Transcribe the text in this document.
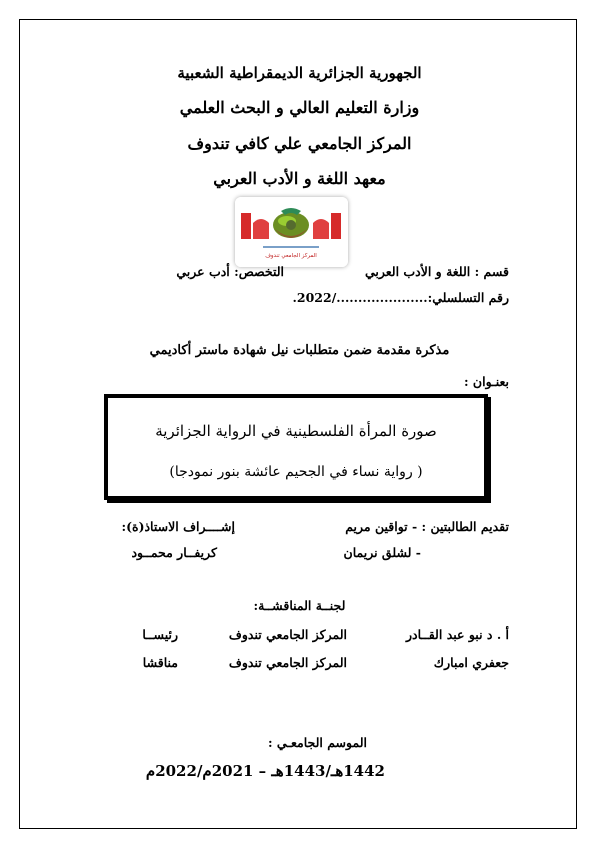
الجهورية الجزائرية الديمقراطية الشعبية
وزارة التعليم العالي و البحث العلمي
المركز الجامعي علي كافي تندوف
معهد اللغة و الأدب العربي
المركز الجامعي تندوف
قسم : اللغة و الأدب العربي
التخصص: أدب عربي
رقم التسلسلي:...................../2022.
مذكرة مقدمة ضمن متطلبات نيل شهادة ماستر أكاديمي
بعنـوان :
صورة المرأة الفلسطينية في الرواية الجزائرية
( رواية نساء في الجحيم عائشة بنور نمودجا)
تقديم الطالبتين : - تواقين مريم
إشــــراف الاستاذ(ة):
- لشلق نريمان
كريفــار محمــود
لجنــة المناقشــة:
أ . د نبو عبد القــادر
المركز الجامعي تندوف
رئيســا
جعفري امبارك
المركز الجامعي تندوف
مناقشا
الموسم الجامعـي :
1442هـ/1443هـ – 2021م/2022م
